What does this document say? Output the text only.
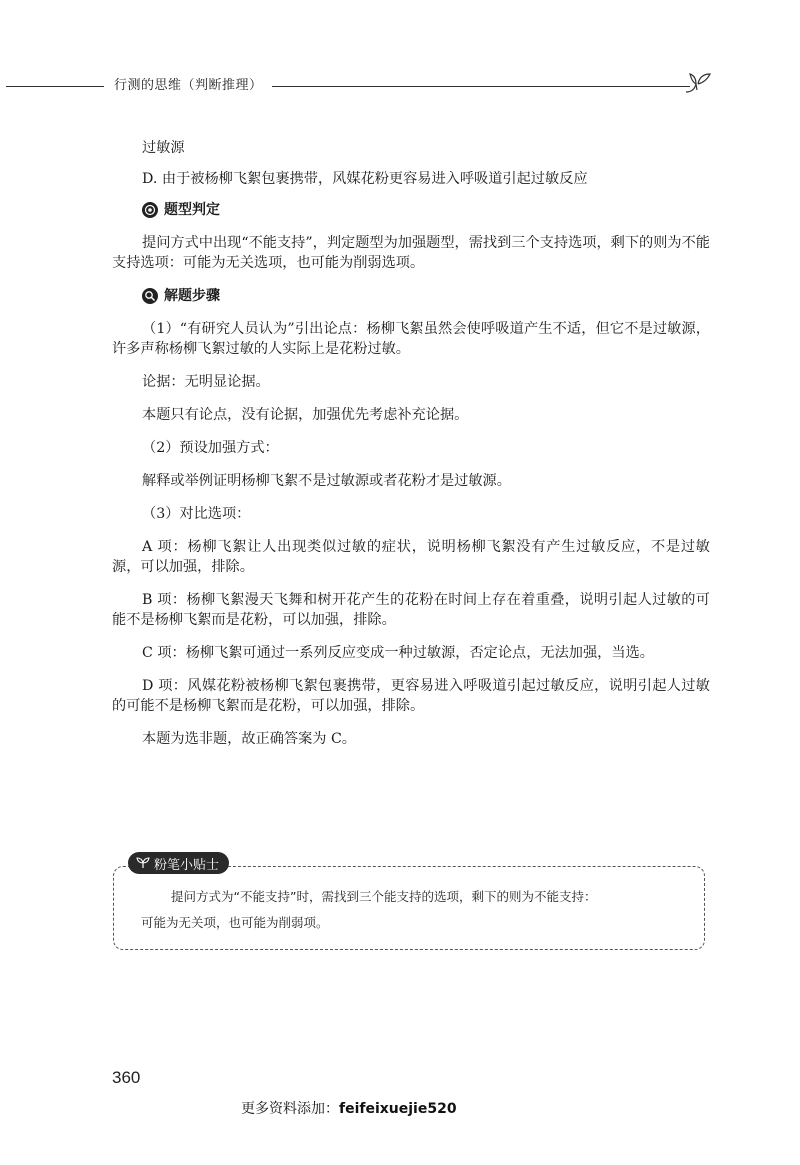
行测的思维（判断推理）

过敏源

D. 由于被杨柳飞絮包裹携带，风媒花粉更容易进入呼吸道引起过敏反应

题型判定

提问方式中出现“不能支持”，判定题型为加强题型，需找到三个支持选项，剩下的则为不能支持选项：可能为无关选项，也可能为削弱选项。

解题步骤

（1）“有研究人员认为”引出论点：杨柳飞絮虽然会使呼吸道产生不适，但它不是过敏源，许多声称杨柳飞絮过敏的人实际上是花粉过敏。

论据：无明显论据。

本题只有论点，没有论据，加强优先考虑补充论据。

（2）预设加强方式：

解释或举例证明杨柳飞絮不是过敏源或者花粉才是过敏源。

（3）对比选项：

A 项：杨柳飞絮让人出现类似过敏的症状，说明杨柳飞絮没有产生过敏反应，不是过敏源，可以加强，排除。

B 项：杨柳飞絮漫天飞舞和树开花产生的花粉在时间上存在着重叠，说明引起人过敏的可能不是杨柳飞絮而是花粉，可以加强，排除。

C 项：杨柳飞絮可通过一系列反应变成一种过敏源，否定论点，无法加强，当选。

D 项：风媒花粉被杨柳飞絮包裹携带，更容易进入呼吸道引起过敏反应，说明引起人过敏的可能不是杨柳飞絮而是花粉，可以加强，排除。

本题为选非题，故正确答案为 C。

粉笔小贴士

提问方式为“不能支持”时，需找到三个能支持的选项，剩下的则为不能支持：

可能为无关项，也可能为削弱项。

360
更多资料添加：feifeixuejie520
